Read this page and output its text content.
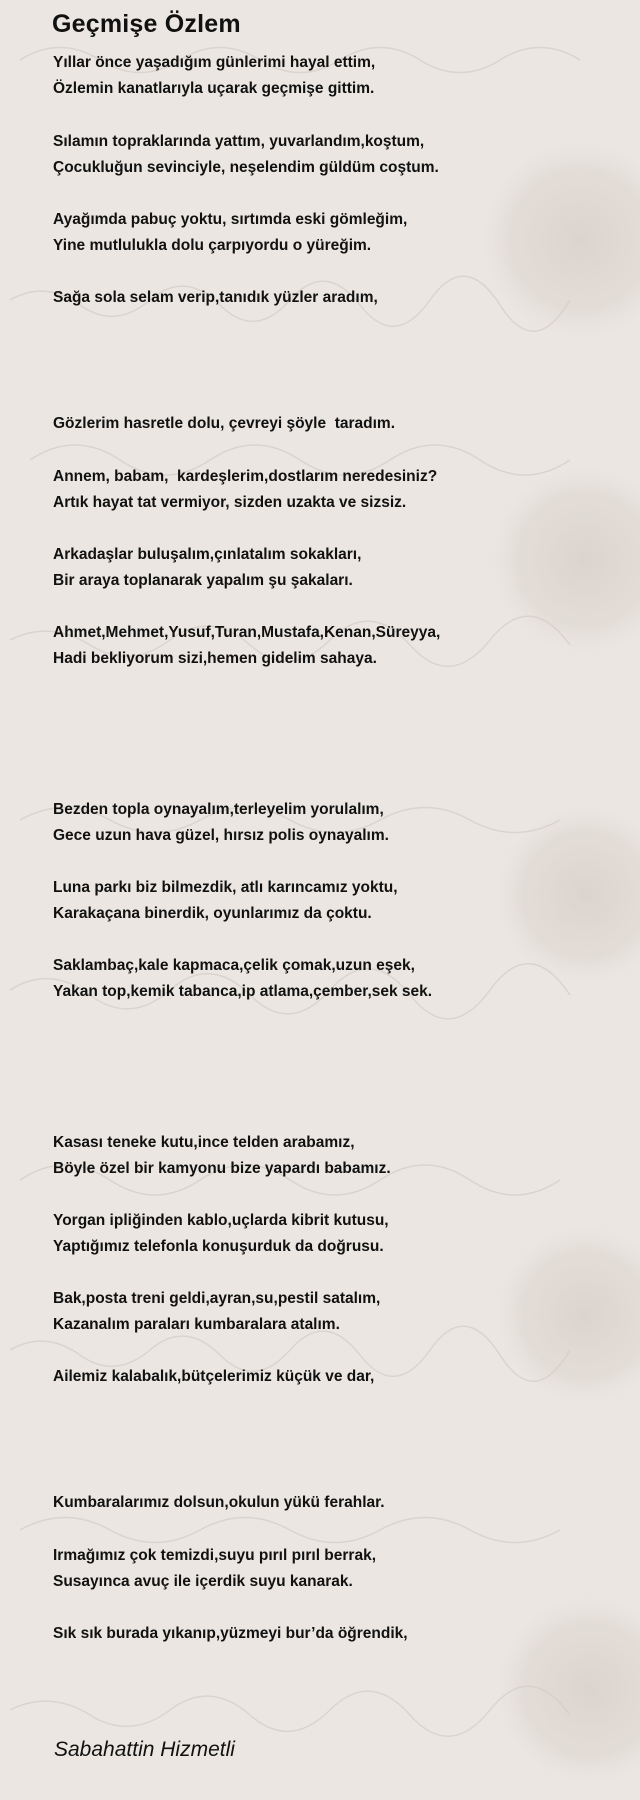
Geçmişe Özlem
Yıllar önce yaşadığım günlerimi hayal ettim,
Özlemin kanatlarıyla uçarak geçmişe gittim.
Sılamın topraklarında yattım, yuvarlandım,koştum,
Çocukluğun sevinciyle, neşelendim güldüm coştum.
Ayağımda pabuç yoktu, sırtımda eski gömleğim,
Yine mutlulukla dolu çarpıyordu o yüreğim.
Sağa sola selam verip,tanıdık yüzler aradım,
Gözlerim hasretle dolu, çevreyi şöyle  taradım.
Annem, babam,  kardeşlerim,dostlarım neredesiniz?
Artık hayat tat vermiyor, sizden uzakta ve sizsiz.
Arkadaşlar buluşalım,çınlatalım sokakları,
Bir araya toplanarak yapalım şu şakaları.
Ahmet,Mehmet,Yusuf,Turan,Mustafa,Kenan,Süreyya,
Hadi bekliyorum sizi,hemen gidelim sahaya.
Bezden topla oynayalım,terleyelim yorulalım,
Gece uzun hava güzel, hırsız polis oynayalım.
Luna parkı biz bilmezdik, atlı karıncamız yoktu,
Karakaçana binerdik, oyunlarımız da çoktu.
Saklambaç,kale kapmaca,çelik çomak,uzun eşek,
Yakan top,kemik tabanca,ip atlama,çember,sek sek.
Kasası teneke kutu,ince telden arabamız,
Böyle özel bir kamyonu bize yapardı babamız.
Yorgan ipliğinden kablo,uçlarda kibrit kutusu,
Yaptığımız telefonla konuşurduk da doğrusu.
Bak,posta treni geldi,ayran,su,pestil satalım,
Kazanalım paraları kumbaralara atalım.
Ailemiz kalabalık,bütçelerimiz küçük ve dar,
Kumbaralarımız dolsun,okulun yükü ferahlar.
Irmağımız çok temizdi,suyu pırıl pırıl berrak,
Susayınca avuç ile içerdik suyu kanarak.
Sık sık burada yıkanıp,yüzmeyi bur’da öğrendik,
Sabahattin Hizmetli
